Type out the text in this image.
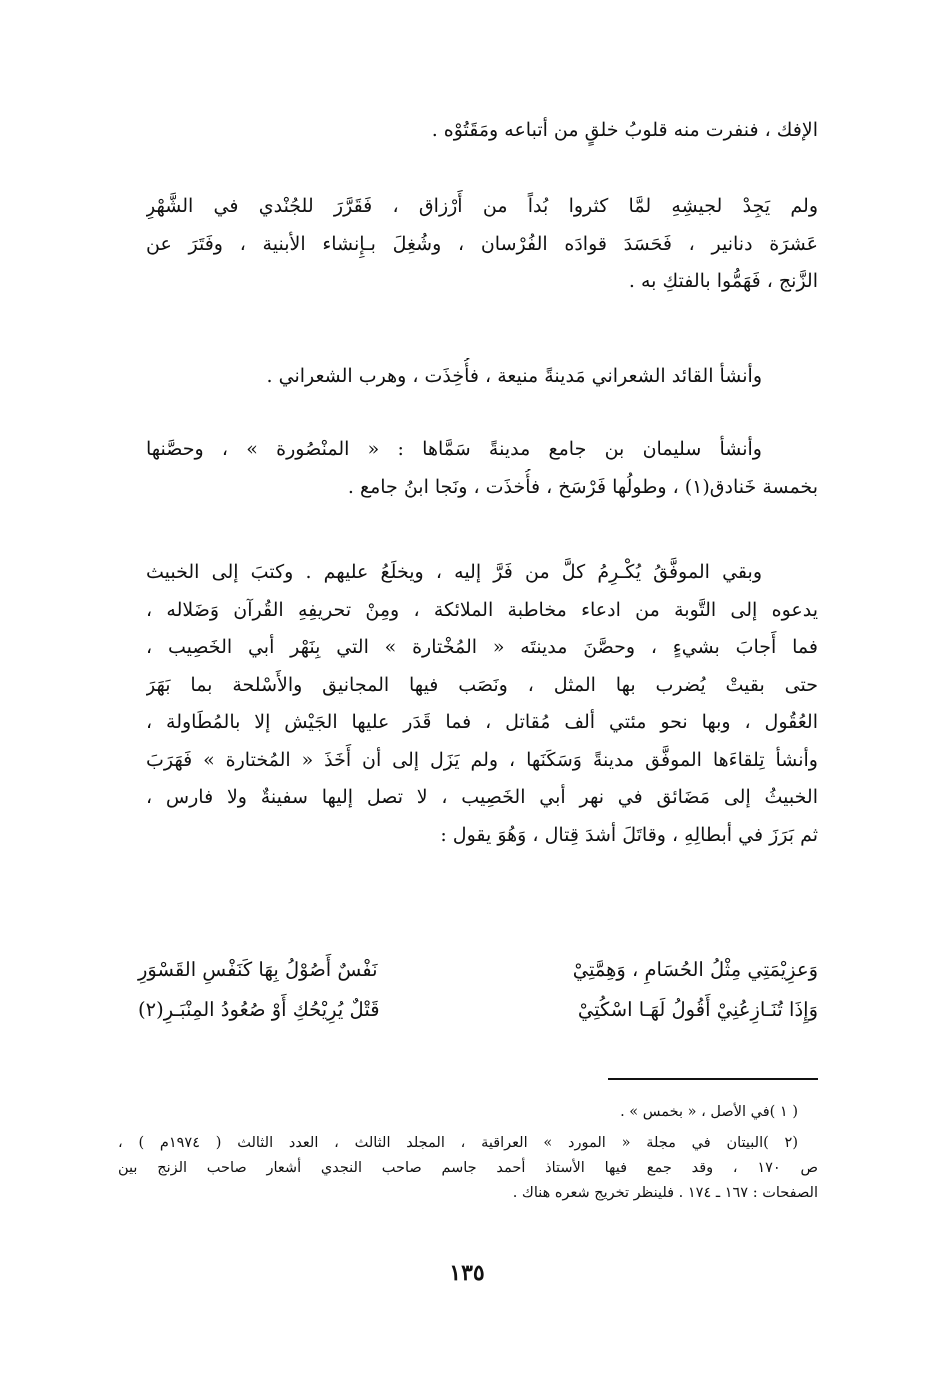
الإفك ، فنفرت منه قلوبُ خلقٍ من أتباعه ومَقَتُوْه .
ولم يَجِدْ لجيشِهِ لمَّا كثروا بُداً من أَرْزاق ، فَقَرَّرَ للجُنْدي في الشَّهْرِ
عَشرَة دنانير ، فَحَسَدَ قوادَه الفُرْسان ، وشُغِلَ بـإِنشاء الأبنية ، وفَتَرَ عن
الزَّنج ، فَهَمُّوا بالفتكِ به .
وأنشأ القائد الشعراني مَدينةً منيعة ، فأُخِذَت ، وهرب الشعراني .
وأنشأ سليمان بن جامع مدينةً سَمَّاها : « المنْصُورة » ، وحصَّنها
بخمسة خَنادق(١) ، وطولُها فَرْسَخ ، فأُخذَت ، ونَجا ابنُ جامع .
وبقي الموفَّقُ يُكْـرِمُ كلَّ من فَرَّ إليه ، ويخلَعُ عليهم . وكتبَ إلى الخبيث
يدعوه إلى التَّوبة من ادعاء مخاطبة الملائكة ، ومِنْ تحريفِهِ القُرآن وَضَلاله ،
فما أَجابَ بشيءٍ ، وحصَّنَ مدينتَه « المُخْتارة » التي بِنَهْر أبي الخَصِيب ،
حتى بقيتْ يُضرب بها المثل ، ونَصَب فيها المجانيق والأَسْلحة بما بَهَرَ
العُقُول ، وبها نحو مئتي ألف مُقاتل ، فما قَدَر عليها الجَيْش إلا بالمُطَاولة ،
وأنشأ تِلقاءَها الموفَّق مدينةً وَسَكَنَها ، ولم يَزَل إلى أن أَخَذَ « المُختارة » فَهَرَبَ
الخبيثُ إلى مَضَائق في نهر أبي الخَصِيب ، لا تصل إليها سفينةٌ ولا فارس ،
ثم بَرَزَ في أبطالِهِ ، وقاتَلَ أشدَ قِتال ، وَهُوَ يقول :
وَعزِيْمَتِي مِثْلُ الحُسَامِ ، وَهِمَّتِيْ
نَفْسٌ أَصُوْلُ بِهَا كَنَفْسِ القَسْوَرِ
وَإِذَا تُنَـازِعُنِيْ أَقُولُ لَهَـا اسْكُتِيْ
قَتْلٌ يُرِيْحُكِ أَوْ صُعُودُ المِنْبَـرِ(٢)
( ١ )في الأصل ، « بخمس » .
(٢ )البيتان في مجلة « المورد » العراقية ، المجلد الثالث ، العدد الثالث ( ١٩٧٤م ) ،
ص ١٧٠ ، وقد جمع فيها الأستاذ أحمد جاسم صاحب النجدي أشعار صاحب الزنج بين
الصفحات : ١٦٧ ـ ١٧٤ . فلينظر تخريج شعره هناك .
١٣٥
